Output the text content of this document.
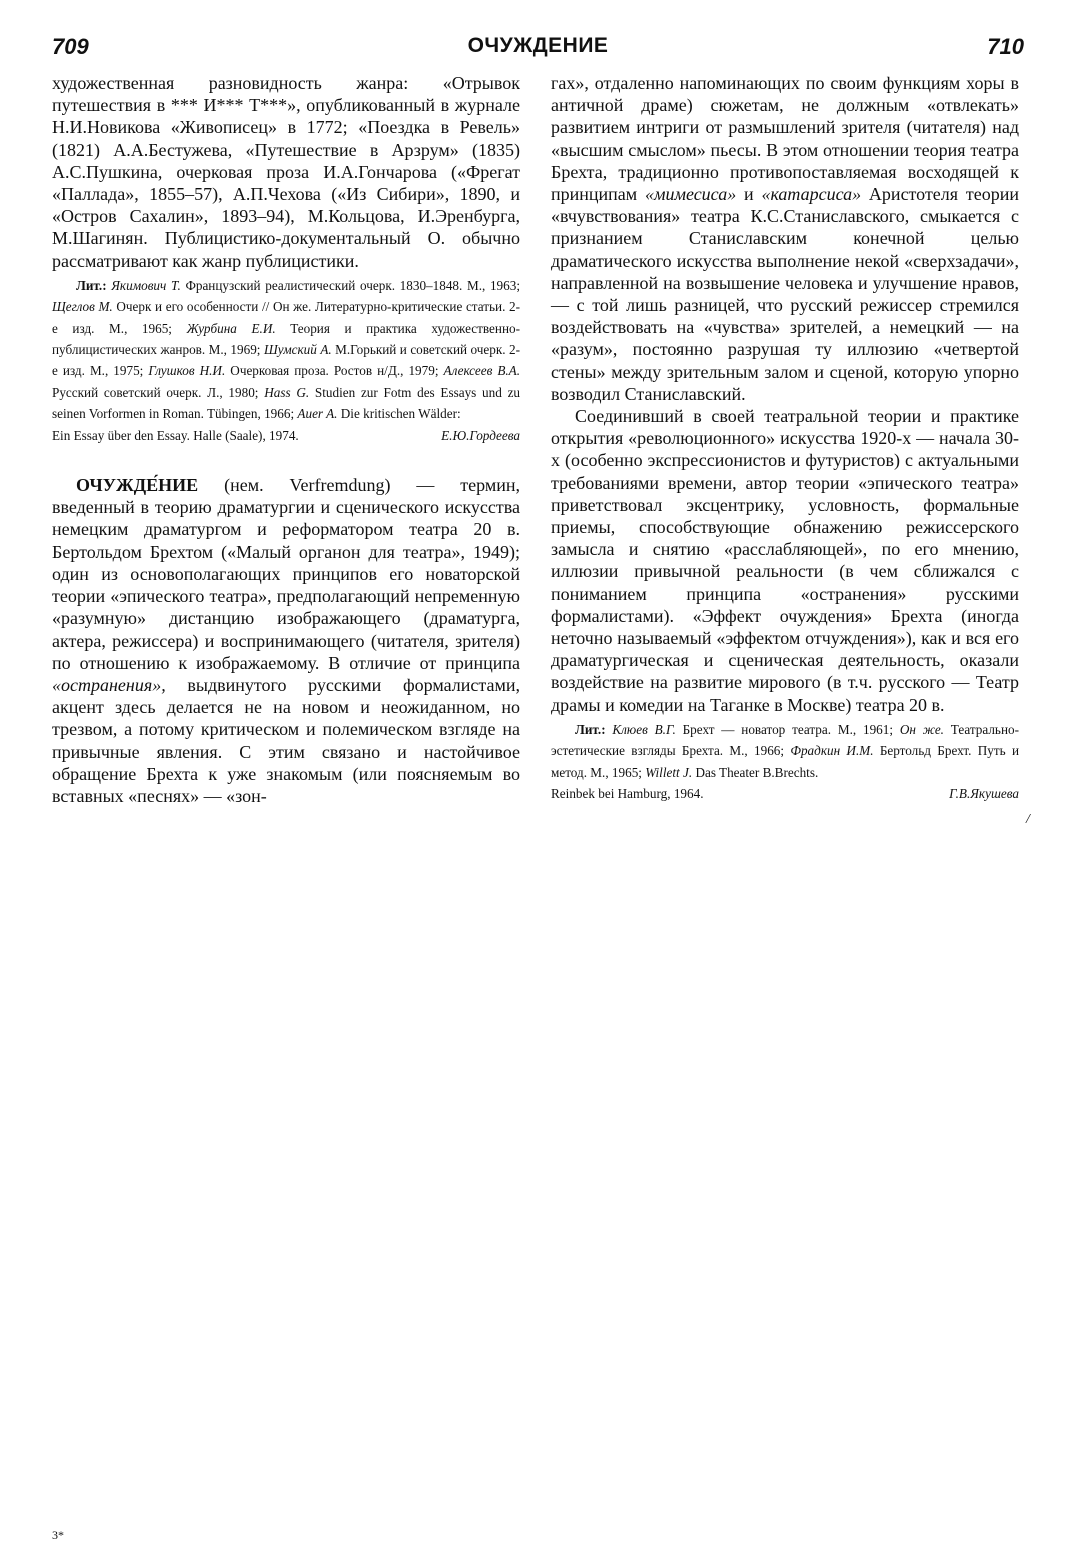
709	ОЧУЖДЕНИЕ	710

художественная разновидность жанра: «Отрывок путешествия в *** И*** Т***», опубликованный в журнале Н.И.Новикова «Живописец» в 1772; «Поездка в Ревель» (1821) А.А.Бестужева, «Путешествие в Арзрум» (1835) А.С.Пушкина, очерковая проза И.А.Гончарова («Фрегат «Паллада», 1855–57), А.П.Чехова («Из Сибири», 1890, и «Остров Сахалин», 1893–94), М.Кольцова, И.Эренбурга, М.Шагинян. Публицистико-документальный О. обычно рассматривают как жанр публицистики.

Лит.: Якимович Т. Французский реалистический очерк. 1830–1848. М., 1963; Щеглов М. Очерк и его особенности // Он же. Литературно-критические статьи. 2-е изд. М., 1965; Журбина Е.И. Теория и практика художественно-публицистических жанров. М., 1969; Шумский А. М.Горький и советский очерк. 2-е изд. М., 1975; Глушков Н.И. Очерковая проза. Ростов н/Д., 1979; Алексеев В.А. Русский советский очерк. Л., 1980; Hass G. Studien zur Fotm des Essays und zu seinen Vorformen in Roman. Tübingen, 1966; Auer A. Die kritischen Wälder:
Ein Essay über den Essay. Halle (Saale), 1974.	Е.Ю.Гордеева

ОЧУЖДЕ́НИЕ (нем. Verfremdung) — термин, введенный в теорию драматургии и сценического искусства немецким драматургом и реформатором театра 20 в. Бертольдом Брехтом («Малый органон для театра», 1949); один из основополагающих принципов его новаторской теории «эпического театра», предполагающий непременную «разумную» дистанцию изображающего (драматурга, актера, режиссера) и воспринимающего (читателя, зрителя) по отношению к изображаемому. В отличие от принципа «остранения», выдвинутого русскими формалистами, акцент здесь делается не на новом и неожиданном, но трезвом, а потому критическом и полемическом взгляде на привычные явления. С этим связано и настойчивое обращение Брехта к уже знакомым (или поясняемым во вставных «песнях» — «зон-

гах», отдаленно напоминающих по своим функциям хоры в античной драме) сюжетам, не должным «отвлекать» развитием интриги от размышлений зрителя (читателя) над «высшим смыслом» пьесы. В этом отношении теория театра Брехта, традиционно противопоставляемая восходящей к принципам «мимесиса» и «катарсиса» Аристотеля теории «вчувствования» театра К.С.Станиславского, смыкается с признанием Станиславским конечной целью драматического искусства выполнение некой «сверхзадачи», направленной на возвышение человека и улучшение нравов, — с той лишь разницей, что русский режиссер стремился воздействовать на «чувства» зрителей, а немецкий — на «разум», постоянно разрушая ту иллюзию «четвертой стены» между зрительным залом и сценой, которую упорно возводил Станиславский.

Соединивший в своей театральной теории и практике открытия «революционного» искусства 1920-х — начала 30-х (особенно экспрессионистов и футуристов) с актуальными требованиями времени, автор теории «эпического театра» приветствовал эксцентрику, условность, формальные приемы, способствующие обнажению режиссерского замысла и снятию «расслабляющей», по его мнению, иллюзии привычной реальности (в чем сближался с пониманием принципа «остранения» русскими формалистами). «Эффект очуждения» Брехта (иногда неточно называемый «эффектом отчуждения»), как и вся его драматургическая и сценическая деятельность, оказали воздействие на развитие мирового (в т.ч. русского — Театр драмы и комедии на Таганке в Москве) театра 20 в.

Лит.: Клюев В.Г. Брехт — новатор театра. М., 1961; Он же. Театрально-эстетические взгляды Брехта. М., 1966; Фрадкин И.М. Бертольд Брехт. Путь и метод. М., 1965; Willett J. Das Theater B.Brechts.
Reinbek bei Hamburg, 1964.	Г.В.Якушева
/
3*
